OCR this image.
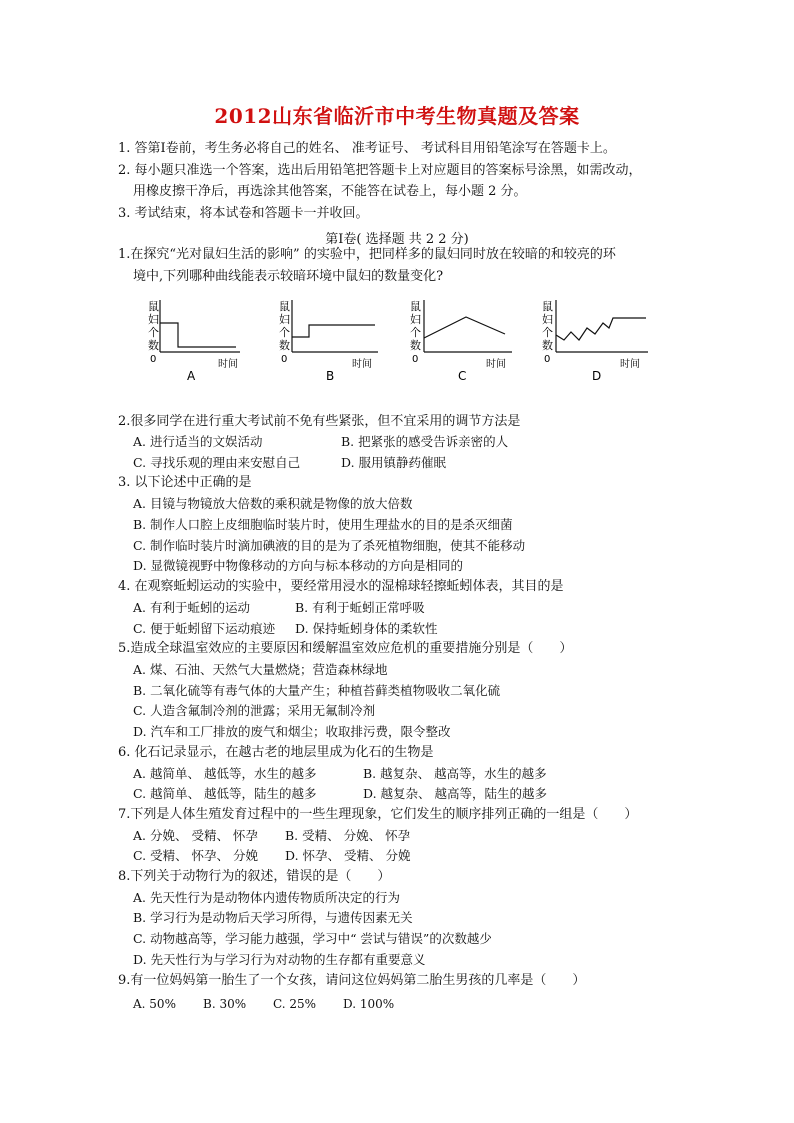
2012山东省临沂市中考生物真题及答案
1. 答第Ⅰ卷前，考生务必将自己的姓名、 准考证号、 考试科目用铅笔涂写在答题卡上。
2. 每小题只准选一个答案，选出后用铅笔把答题卡上对应题目的答案标号涂黑，如需改动，
用橡皮擦干净后，再选涂其他答案，不能答在试卷上，每小题 2 分。
3. 考试结束，将本试卷和答题卡一并收回。
第Ⅰ卷( 选择题 共 2 2 分)
1.在探究“光对鼠妇生活的影响” 的实验中，把同样多的鼠妇同时放在较暗的和较亮的环
境中,下列哪种曲线能表示较暗环境中鼠妇的数量变化?
鼠
妇
个
数
0	时间
A
鼠
妇
个
数
0	时间
B
鼠
妇
个
数
0	时间
C
鼠
妇
个
数
0	时间
D
2.很多同学在进行重大考试前不免有些紧张，但不宜采用的调节方法是
A. 进行适当的文娱活动	B. 把紧张的感受告诉亲密的人
C. 寻找乐观的理由来安慰自己	D. 服用镇静药催眠
3. 以下论述中正确的是
A. 目镜与物镜放大倍数的乘积就是物像的放大倍数
B. 制作人口腔上皮细胞临时装片时，使用生理盐水的目的是杀灭细菌
C. 制作临时装片时滴加碘液的目的是为了杀死植物细胞，使其不能移动
D. 显微镜视野中物像移动的方向与标本移动的方向是相同的
4. 在观察蚯蚓运动的实验中，要经常用浸水的湿棉球轻擦蚯蚓体表，其目的是
A. 有利于蚯蚓的运动	B. 有利于蚯蚓正常呼吸
C. 便于蚯蚓留下运动痕迹 D. 保持蚯蚓身体的柔软性
5.造成全球温室效应的主要原因和缓解温室效应危机的重要措施分别是（　　）
A. 煤、石油、天然气大量燃烧；营造森林绿地
B. 二氧化硫等有毒气体的大量产生；种植苔藓类植物吸收二氧化硫
C. 人造含氟制冷剂的泄露；采用无氟制冷剂
D. 汽车和工厂排放的废气和烟尘；收取排污费，限令整改
6. 化石记录显示，在越古老的地层里成为化石的生物是
A. 越简单、 越低等，水生的越多	B. 越复杂、 越高等，水生的越多
C. 越简单、 越低等，陆生的越多	D. 越复杂、 越高等，陆生的越多
7.下列是人体生殖发育过程中的一些生理现象，它们发生的顺序排列正确的一组是（　　）
A. 分娩、 受精、 怀孕 B. 受精、 分娩、 怀孕
C. 受精、 怀孕、 分娩 D. 怀孕、 受精、 分娩
8.下列关于动物行为的叙述，错误的是（　　）
A. 先天性行为是动物体内遗传物质所决定的行为
B. 学习行为是动物后天学习所得，与遗传因素无关
C. 动物越高等，学习能力越强，学习中“ 尝试与错误”的次数越少
D. 先天性行为与学习行为对动物的生存都有重要意义
9.有一位妈妈第一胎生了一个女孩，请问这位妈妈第二胎生男孩的几率是（　　）
A. 50% B. 30% C. 25% D. 100%
